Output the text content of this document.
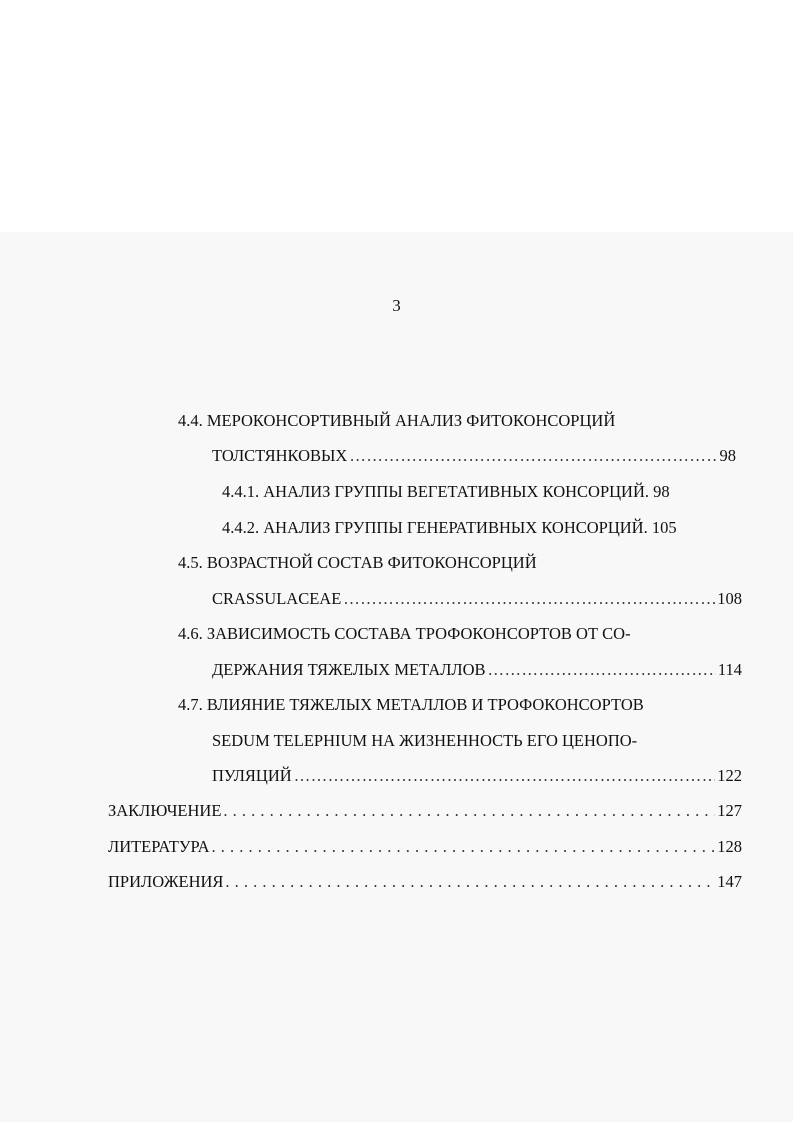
3
4.4. МЕРОКОНСОРТИВНЫЙ АНАЛИЗ ФИТОКОНСОРЦИЙ
ТОЛСТЯНКОВЫХ ……………………………………………………………………………………………………………………………………	98
4.4.1. АНАЛИЗ ГРУППЫ ВЕГЕТАТИВНЫХ КОНСОРЦИЙ. 98
4.4.2. АНАЛИЗ ГРУППЫ ГЕНЕРАТИВНЫХ КОНСОРЦИЙ. 105
4.5. ВОЗРАСТНОЙ СОСТАВ ФИТОКОНСОРЦИЙ
CRASSULACEAE ……………………………………………………………………………………………………………………………………	108
4.6. ЗАВИСИМОСТЬ СОСТАВА ТРОФОКОНСОРТОВ ОТ СО-
ДЕРЖАНИЯ ТЯЖЕЛЫХ МЕТАЛЛОВ ……………………………………………………………………………………………………………………………………	114
4.7. ВЛИЯНИЕ ТЯЖЕЛЫХ МЕТАЛЛОВ И ТРОФОКОНСОРТОВ
SEDUM TELEPHIUM НА ЖИЗНЕННОСТЬ ЕГО ЦЕНОПО-
ПУЛЯЦИЙ ……………………………………………………………………………………………………………………………………	122
ЗАКЛЮЧЕНИЕ . . .	127
ЛИТЕРАТУРА . . .	128
ПРИЛОЖЕНИЯ . . .	147
